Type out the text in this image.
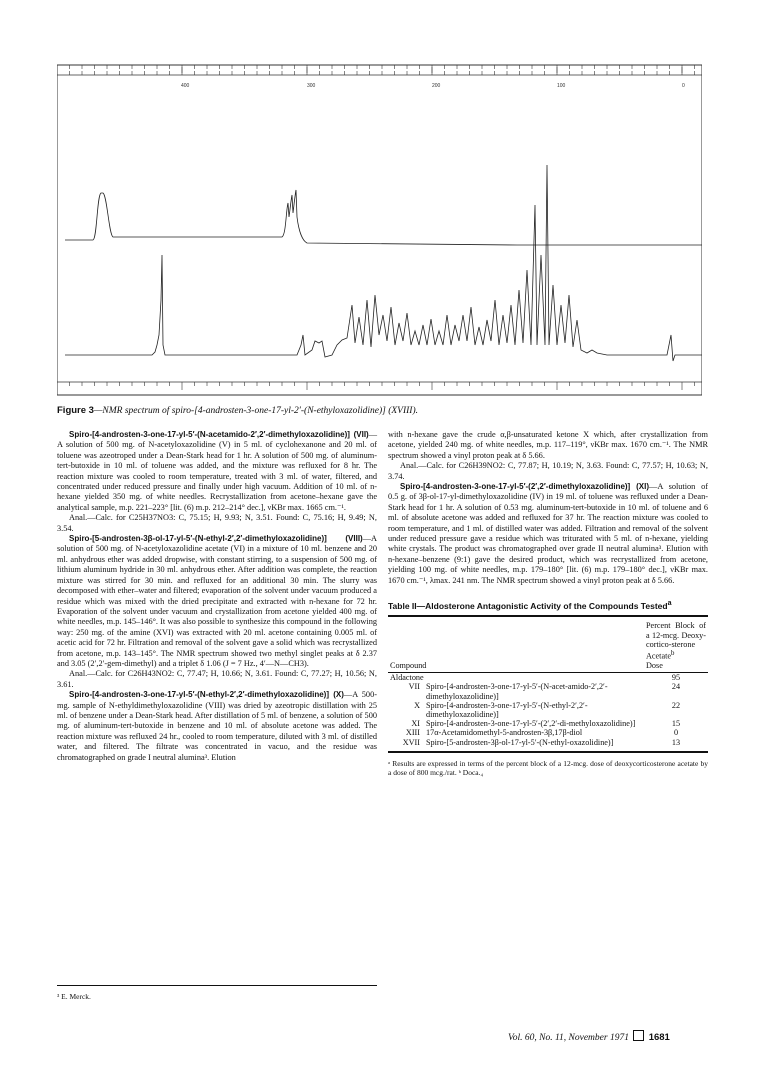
400	300	200	100	0
Figure 3—NMR spectrum of spiro-[4-androsten-3-one-17-yl-2′-(N-ethyloxazolidine)] (XVIII).

Spiro-[4-androsten-3-one-17-yl-5′-(N-acetamido-2′,2′-dimethyloxazolidine)] (VII)—A solution of 500 mg. of N-acetyloxazolidine (V) in 5 ml. of cyclohexanone and 20 ml. of toluene was azeotroped under a Dean-Stark head for 1 hr. A solution of 500 mg. of aluminum-tert-butoxide in 10 ml. of toluene was added, and the mixture was refluxed for 8 hr. The reaction mixture was cooled to room temperature, treated with 3 ml. of water, filtered, and concentrated under reduced pressure and finally under high vacuum. Addition of 10 ml. of n-hexane yielded 350 mg. of white needles. Recrystallization from acetone–hexane gave the analytical sample, m.p. 221–223° [lit. (6) m.p. 212–214° dec.], νKBr max. 1665 cm.⁻¹.

Anal.—Calc. for C25H37NO3: C, 75.15; H, 9.93; N, 3.51. Found: C, 75.16; H, 9.49; N, 3.54.

Spiro-[5-androsten-3β-ol-17-yl-5′-(N-ethyl-2′,2′-dimethyloxazolidine)] (VIII)—A solution of 500 mg. of N-acetyloxazolidine acetate (VI) in a mixture of 10 ml. benzene and 20 ml. anhydrous ether was added dropwise, with constant stirring, to a suspension of 500 mg. of lithium aluminum hydride in 30 ml. anhydrous ether. After addition was complete, the reaction mixture was stirred for 30 min. and refluxed for an additional 30 min. The slurry was decomposed with ether–water and filtered; evaporation of the solvent under vacuum produced a residue which was mixed with the dried precipitate and extracted with n-hexane for 72 hr. Evaporation of the solvent under vacuum and crystallization from acetone yielded 400 mg. of white needles, m.p. 145–146°. It was also possible to synthesize this compound in the following way: 250 mg. of the amine (XVI) was extracted with 20 ml. acetone containing 0.005 ml. of acetic acid for 72 hr. Filtration and removal of the solvent gave a solid which was recrystallized from acetone, m.p. 143–145°. The NMR spectrum showed two methyl singlet peaks at δ 2.37 and 3.05 (2′,2′-gem-dimethyl) and a triplet δ 1.06 (J = 7 Hz., 4′—N—CH3).

Anal.—Calc. for C26H43NO2: C, 77.47; H, 10.66; N, 3.61. Found: C, 77.27; H, 10.56; N, 3.61.

Spiro-[4-androsten-3-one-17-yl-5′-(N-ethyl-2′,2′-dimethyloxazolidine)] (X)—A 500-mg. sample of N-ethyldimethyloxazolidine (VIII) was dried by azeotropic distillation with 25 ml. of benzene under a Dean-Stark head. After distillation of 5 ml. of benzene, a solution of 500 mg. of aluminum-tert-butoxide in benzene and 10 ml. of absolute acetone was added. The reaction mixture was refluxed 24 hr., cooled to room temperature, diluted with 3 ml. of distilled water, and filtered. The filtrate was concentrated in vacuo, and the residue was chromatographed on grade I neutral alumina³. Elution

with n-hexane gave the crude α,β-unsaturated ketone X which, after crystallization from acetone, yielded 240 mg. of white needles, m.p. 117–119°, νKBr max. 1670 cm.⁻¹. The NMR spectrum showed a vinyl proton peak at δ 5.66.

Anal.—Calc. for C26H39NO2: C, 77.87; H, 10.19; N, 3.63. Found: C, 77.57; H, 10.63; N, 3.74.

Spiro-[4-androsten-3-one-17-yl-5′-(2′,2′-dimethyloxazolidine)] (XI)—A solution of 0.5 g. of 3β-ol-17-yl-dimethyloxazolidine (IV) in 19 ml. of toluene was refluxed under a Dean-Stark head for 1 hr. A solution of 0.53 mg. aluminum-tert-butoxide in 10 ml. of toluene and 6 ml. of absolute acetone was added and refluxed for 37 hr. The reaction mixture was cooled to room temperature, and 1 ml. of distilled water was added. Filtration and removal of the solvent under reduced pressure gave a residue which was triturated with 5 ml. of n-hexane, yielding white crystals. The product was chromatographed over grade II neutral alumina³. Elution with n-hexane–benzene (9:1) gave the desired product, which was recrystallized from acetone, yielding 100 mg. of white needles, m.p. 179–180° [lit. (6) m.p. 179–180° dec.], νKBr max. 1670 cm.⁻¹, λmax. 241 nm. The NMR spectrum showed a vinyl proton peak at δ 5.66.

Table II—Aldosterone Antagonistic Activity of the Compounds Tested$^a$
Compound		Percent Block of a 12-mcg. Deoxy-cortico-sterone Acetate$^b$
Dose

Aldactone		95
VII	Spiro-[4-androsten-3-one-17-yl-5′-(N-acet-amido-2′,2′-dimethyloxazolidine)]	24
X	Spiro-[4-androsten-3-one-17-yl-5′-(N-ethyl-2′,2′-dimethyloxazolidine)]	22
XI	Spiro-[4-androsten-3-one-17-yl-5′-(2′,2′-di-methyloxazolidine)]	15
XIII	17α-Acetamidomethyl-5-androsten-3β,17β-diol	0
XVII	Spiro-[5-androsten-3β-ol-17-yl-5′-(N-ethyl-oxazolidine)]	13
ᵃ Results are expressed in terms of the percent block of a 12-mcg. dose of deoxycorticosterone acetate by a dose of 800 mcg./rat. ᵇ Doca.₄
³ E. Merck.
Vol. 60, No. 11, November 1971 1681
